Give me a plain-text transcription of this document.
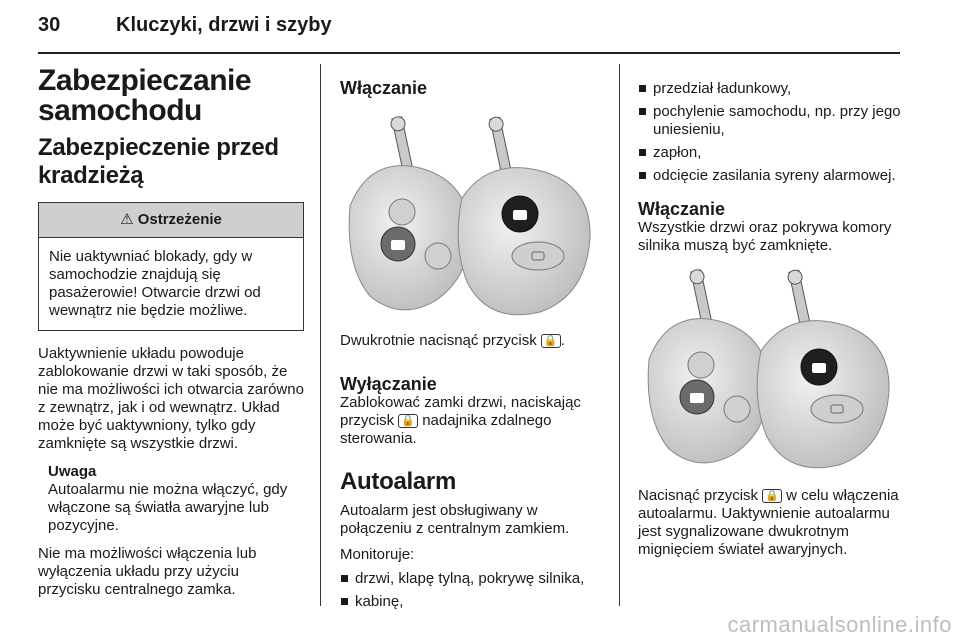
30	Kluczyki, drzwi i szyby
Zabezpieczanie samochodu
Zabezpieczenie przed kradzieżą
⚠ Ostrzeżenie
Nie uaktywniać blokady, gdy w samochodzie znajdują się pasażerowie! Otwarcie drzwi od wewnątrz nie będzie możliwe.

Uaktywnienie układu powoduje zablokowanie drzwi w taki sposób, że nie ma możliwości ich otwarcia zarówno z zewnątrz, jak i od wewnątrz. Układ może być uaktywniony, tylko gdy zamknięte są wszystkie drzwi.

Uwaga
Autoalarmu nie można włączyć, gdy włączone są światła awaryjne lub pozycyjne.

Nie ma możliwości włączenia lub wyłączenia układu przy użyciu przycisku centralnego zamka.

Włączanie

Dwukrotnie nacisnąć przycisk 🔒 .

Wyłączanie

Zablokować zamki drzwi, naciskając przycisk 🔒 nadajnika zdalnego sterowania.

Autoalarm

Autoalarm jest obsługiwany w połączeniu z centralnym zamkiem.

Monitoruje:

drzwi, klapę tylną, pokrywę silnika,
kabinę,
przedział ładunkowy,
pochylenie samochodu, np. przy jego uniesieniu,
zapłon,
odcięcie zasilania syreny alarmowej.
Włączanie

Wszystkie drzwi oraz pokrywa komory silnika muszą być zamknięte.

Nacisnąć przycisk 🔒 w celu włączenia autoalarmu. Uaktywnienie autoalarmu jest sygnalizowane dwukrotnym mignięciem świateł awaryjnych.

carmanualsonline.info
